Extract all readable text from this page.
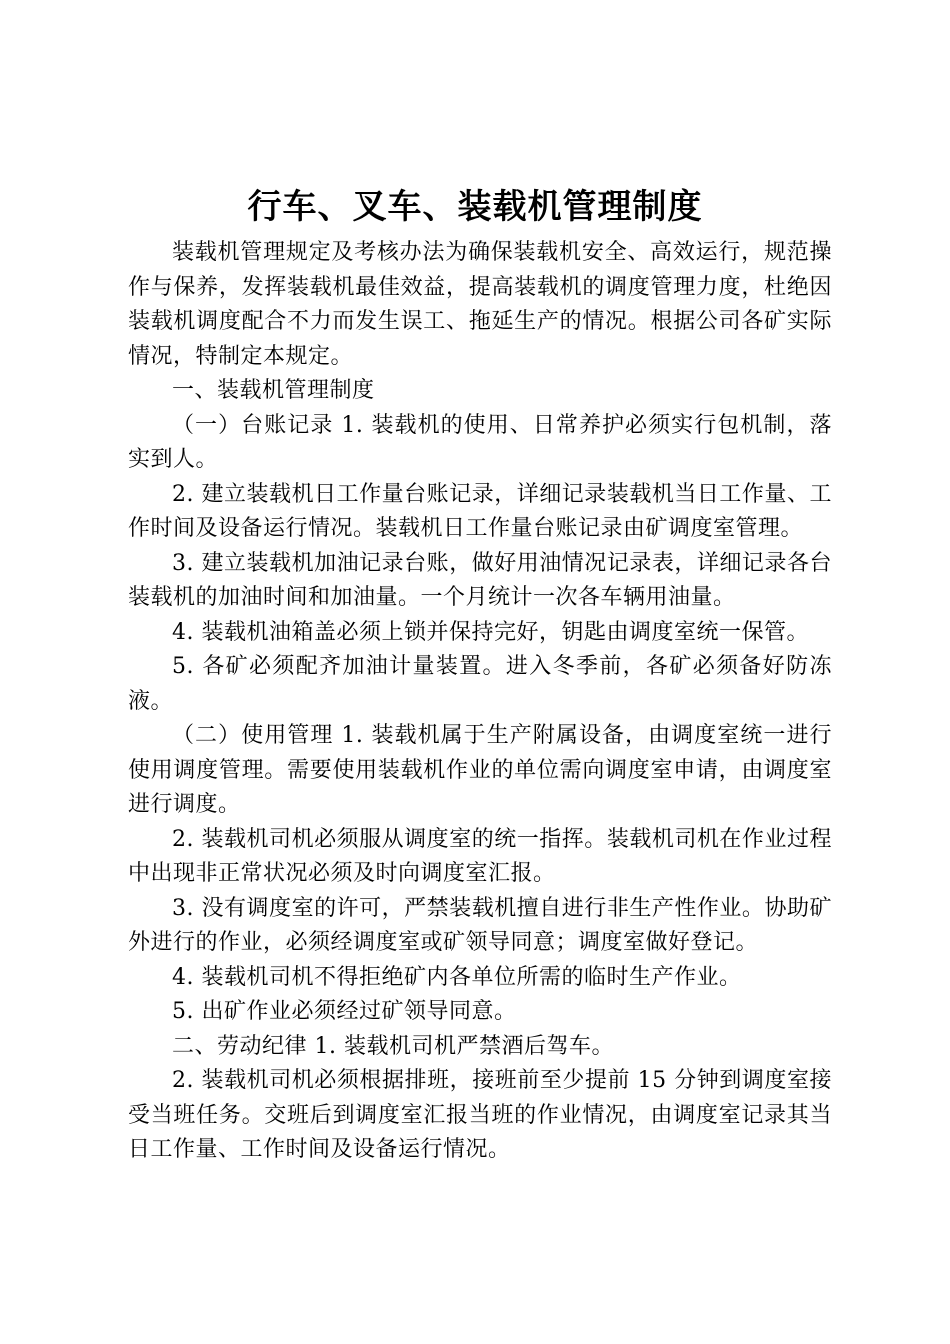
行车、叉车、装载机管理制度

装载机管理规定及考核办法为确保装载机安全、高效运行，规范操作与保养，发挥装载机最佳效益，提高装载机的调度管理力度，杜绝因装载机调度配合不力而发生误工、拖延生产的情况。根据公司各矿实际情况，特制定本规定。

一、装载机管理制度

（一）台账记录 1. 装载机的使用、日常养护必须实行包机制，落实到人。

2. 建立装载机日工作量台账记录，详细记录装载机当日工作量、工作时间及设备运行情况。装载机日工作量台账记录由矿调度室管理。

3. 建立装载机加油记录台账，做好用油情况记录表，详细记录各台装载机的加油时间和加油量。一个月统计一次各车辆用油量。

4. 装载机油箱盖必须上锁并保持完好，钥匙由调度室统一保管。

5. 各矿必须配齐加油计量装置。进入冬季前，各矿必须备好防冻液。

（二）使用管理 1. 装载机属于生产附属设备，由调度室统一进行使用调度管理。需要使用装载机作业的单位需向调度室申请，由调度室进行调度。

2. 装载机司机必须服从调度室的统一指挥。装载机司机在作业过程中出现非正常状况必须及时向调度室汇报。

3. 没有调度室的许可，严禁装载机擅自进行非生产性作业。协助矿外进行的作业，必须经调度室或矿领导同意；调度室做好登记。

4. 装载机司机不得拒绝矿内各单位所需的临时生产作业。

5. 出矿作业必须经过矿领导同意。

二、劳动纪律 1. 装载机司机严禁酒后驾车。

2. 装载机司机必须根据排班，接班前至少提前 15 分钟到调度室接受当班任务。交班后到调度室汇报当班的作业情况，由调度室记录其当日工作量、工作时间及设备运行情况。
